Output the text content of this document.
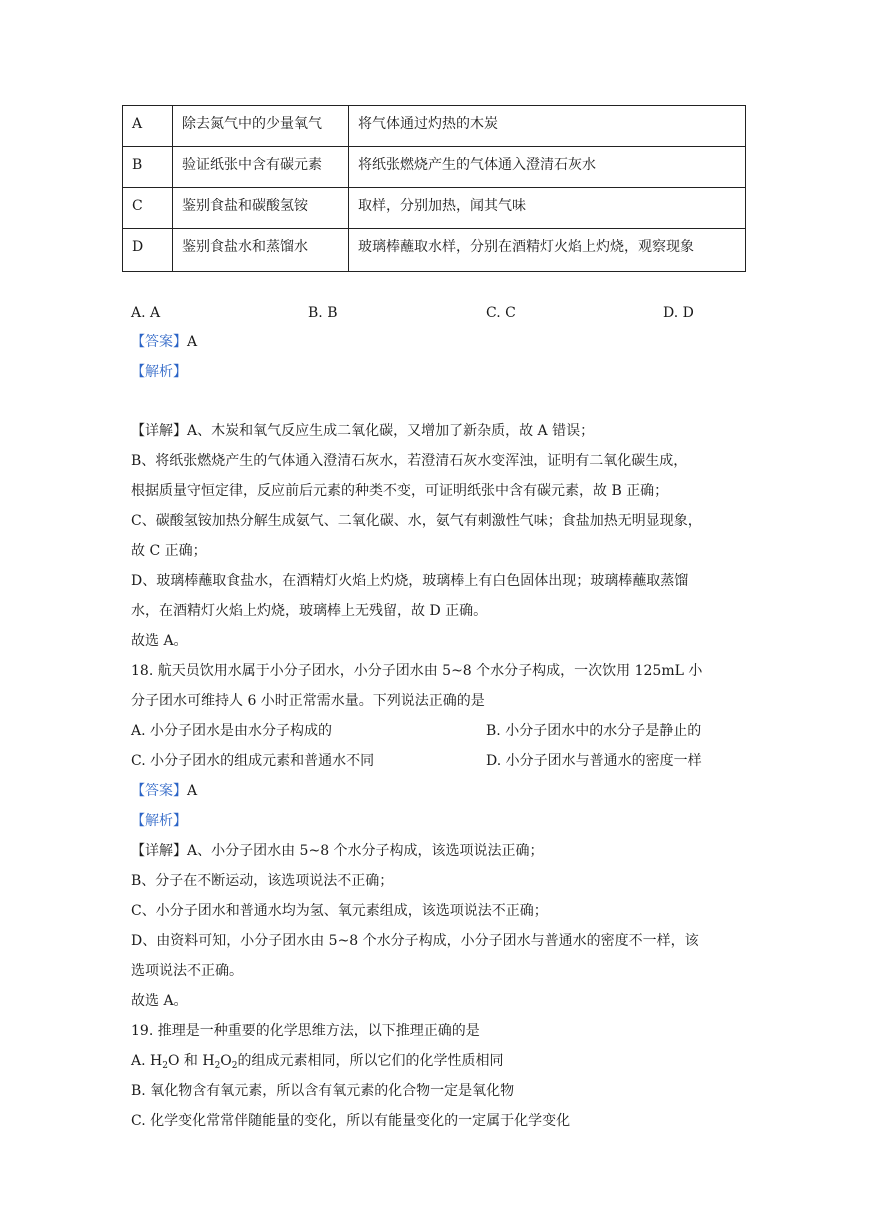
A	除去氮气中的少量氧气	将气体通过灼热的木炭
B	验证纸张中含有碳元素	将纸张燃烧产生的气体通入澄清石灰水
C	鉴别食盐和碳酸氢铵	取样，分别加热，闻其气味
D	鉴别食盐水和蒸馏水	玻璃棒蘸取水样，分别在酒精灯火焰上灼烧，观察现象
A. A	B. B	C. C	D. D
【答案】A
【解析】
【详解】A、木炭和氧气反应生成二氧化碳，又增加了新杂质，故 A 错误；
B、将纸张燃烧产生的气体通入澄清石灰水，若澄清石灰水变浑浊，证明有二氧化碳生成，
根据质量守恒定律，反应前后元素的种类不变，可证明纸张中含有碳元素，故 B 正确；
C、碳酸氢铵加热分解生成氨气、二氧化碳、水，氨气有刺激性气味；食盐加热无明显现象，
故 C 正确；
D、玻璃棒蘸取食盐水，在酒精灯火焰上灼烧，玻璃棒上有白色固体出现；玻璃棒蘸取蒸馏
水，在酒精灯火焰上灼烧，玻璃棒上无残留，故 D 正确。
故选 A。
18. 航天员饮用水属于小分子团水，小分子团水由 5~8 个水分子构成，一次饮用 125mL 小
分子团水可维持人 6 小时正常需水量。下列说法正确的是
A. 小分子团水是由水分子构成的	B. 小分子团水中的水分子是静止的
C. 小分子团水的组成元素和普通水不同	D. 小分子团水与普通水的密度一样
【答案】A
【解析】
【详解】A、小分子团水由 5~8 个水分子构成，该选项说法正确；
B、分子在不断运动，该选项说法不正确；
C、小分子团水和普通水均为氢、氧元素组成，该选项说法不正确；
D、由资料可知，小分子团水由 5~8 个水分子构成，小分子团水与普通水的密度不一样，该
选项说法不正确。
故选 A。
19. 推理是一种重要的化学思维方法，以下推理正确的是
A. $H_2O$ 和 $H_2O_2$的组成元素相同，所以它们的化学性质相同
B. 氧化物含有氧元素，所以含有氧元素的化合物一定是氧化物
C. 化学变化常常伴随能量的变化，所以有能量变化的一定属于化学变化
